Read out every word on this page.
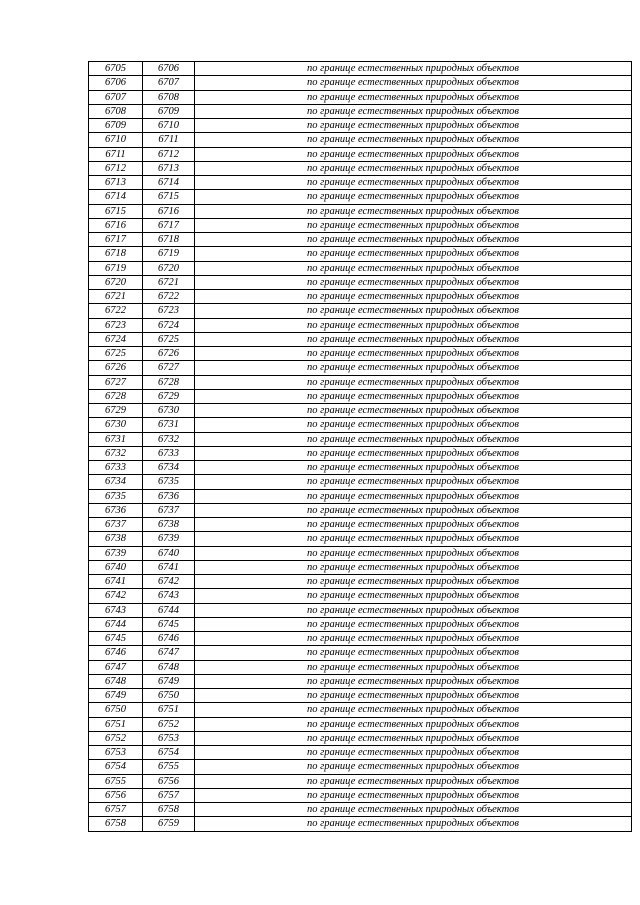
6705	6706	по границе естественных природных объектов
6706	6707	по границе естественных природных объектов
6707	6708	по границе естественных природных объектов
6708	6709	по границе естественных природных объектов
6709	6710	по границе естественных природных объектов
6710	6711	по границе естественных природных объектов
6711	6712	по границе естественных природных объектов
6712	6713	по границе естественных природных объектов
6713	6714	по границе естественных природных объектов
6714	6715	по границе естественных природных объектов
6715	6716	по границе естественных природных объектов
6716	6717	по границе естественных природных объектов
6717	6718	по границе естественных природных объектов
6718	6719	по границе естественных природных объектов
6719	6720	по границе естественных природных объектов
6720	6721	по границе естественных природных объектов
6721	6722	по границе естественных природных объектов
6722	6723	по границе естественных природных объектов
6723	6724	по границе естественных природных объектов
6724	6725	по границе естественных природных объектов
6725	6726	по границе естественных природных объектов
6726	6727	по границе естественных природных объектов
6727	6728	по границе естественных природных объектов
6728	6729	по границе естественных природных объектов
6729	6730	по границе естественных природных объектов
6730	6731	по границе естественных природных объектов
6731	6732	по границе естественных природных объектов
6732	6733	по границе естественных природных объектов
6733	6734	по границе естественных природных объектов
6734	6735	по границе естественных природных объектов
6735	6736	по границе естественных природных объектов
6736	6737	по границе естественных природных объектов
6737	6738	по границе естественных природных объектов
6738	6739	по границе естественных природных объектов
6739	6740	по границе естественных природных объектов
6740	6741	по границе естественных природных объектов
6741	6742	по границе естественных природных объектов
6742	6743	по границе естественных природных объектов
6743	6744	по границе естественных природных объектов
6744	6745	по границе естественных природных объектов
6745	6746	по границе естественных природных объектов
6746	6747	по границе естественных природных объектов
6747	6748	по границе естественных природных объектов
6748	6749	по границе естественных природных объектов
6749	6750	по границе естественных природных объектов
6750	6751	по границе естественных природных объектов
6751	6752	по границе естественных природных объектов
6752	6753	по границе естественных природных объектов
6753	6754	по границе естественных природных объектов
6754	6755	по границе естественных природных объектов
6755	6756	по границе естественных природных объектов
6756	6757	по границе естественных природных объектов
6757	6758	по границе естественных природных объектов
6758	6759	по границе естественных природных объектов
